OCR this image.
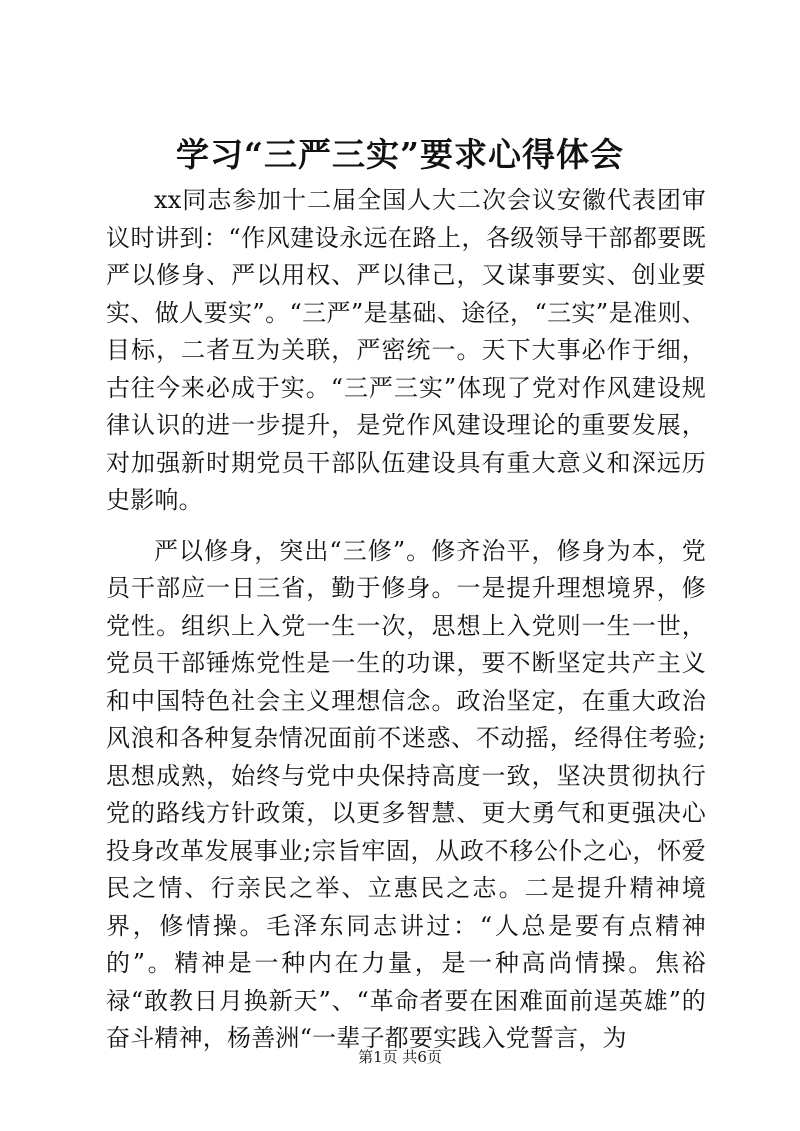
学习“三严三实”要求心得体会

xx同志参加十二届全国人大二次会议安徽代表团审议时讲到：“作风建设永远在路上，各级领导干部都要既严以修身、严以用权、严以律己，又谋事要实、创业要实、做人要实”。“三严”是基础、途径，“三实”是准则、目标，二者互为关联，严密统一。天下大事必作于细，古往今来必成于实。“三严三实”体现了党对作风建设规律认识的进一步提升，是党作风建设理论的重要发展，对加强新时期党员干部队伍建设具有重大意义和深远历史影响。

严以修身，突出“三修”。修齐治平，修身为本，党员干部应一日三省，勤于修身。一是提升理想境界，修党性。组织上入党一生一次，思想上入党则一生一世，党员干部锤炼党性是一生的功课，要不断坚定共产主义和中国特色社会主义理想信念。政治坚定，在重大政治风浪和各种复杂情况面前不迷惑、不动摇，经得住考验;思想成熟，始终与党中央保持高度一致，坚决贯彻执行党的路线方针政策，以更多智慧、更大勇气和更强决心投身改革发展事业;宗旨牢固，从政不移公仆之心，怀爱民之情、行亲民之举、立惠民之志。二是提升精神境界，修情操。毛泽东同志讲过：“人总是要有点精神的”。精神是一种内在力量，是一种高尚情操。焦裕禄“敢教日月换新天”、“革命者要在困难面前逞英雄”的奋斗精神，杨善洲“一辈子都要实践入党誓言，为

第1页 共6页
